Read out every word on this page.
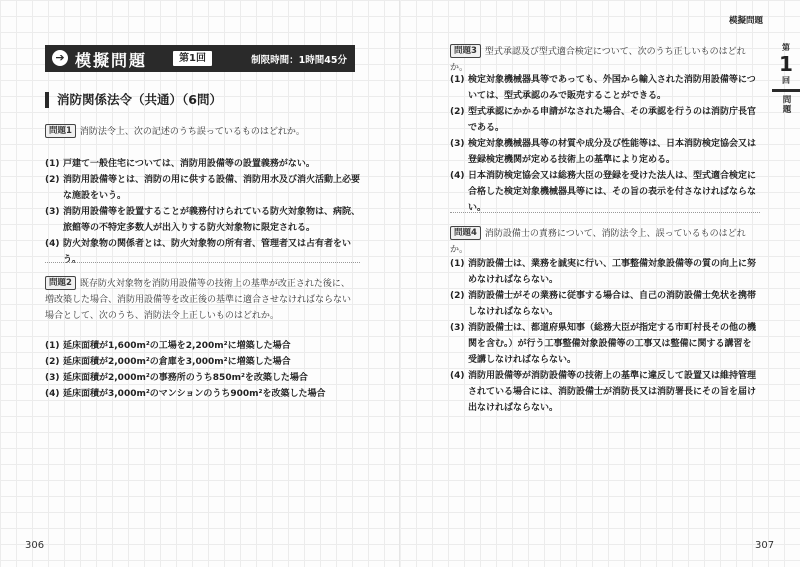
➔ 模擬問題	第1回	制限時間：1時間45分
消防関係法令（共通）（6問）
問題1 消防法令上、次の記述のうち誤っているものはどれか。
(1) 戸建て一般住宅については、消防用設備等の設置義務がない。
(2) 消防用設備等とは、消防の用に供する設備、消防用水及び消火活動上必要な施設をいう。
(3) 消防用設備等を設置することが義務付けられている防火対象物は、病院、旅館等の不特定多数人が出入りする防火対象物に限定される。
(4) 防火対象物の関係者とは、防火対象物の所有者、管理者又は占有者をいう。
問題2 既存防火対象物を消防用設備等の技術上の基準が改正された後に、増改築した場合、消防用設備等を改正後の基準に適合させなければならない場合として、次のうち、消防法令上正しいものはどれか。
(1) 延床面積が1,600m²の工場を2,200m²に増築した場合
(2) 延床面積が2,000m²の倉庫を3,000m²に増築した場合
(3) 延床面積が2,000m²の事務所のうち850m²を改築した場合
(4) 延床面積が3,000m²のマンションのうち900m²を改築した場合
306
模擬問題
第
1
回
問題
問題3 型式承認及び型式適合検定について、次のうち正しいものはどれか。
(1) 検定対象機械器具等であっても、外国から輸入された消防用設備等については、型式承認のみで販売することができる。
(2) 型式承認にかかる申請がなされた場合、その承認を行うのは消防庁長官である。
(3) 検定対象機械器具等の材質や成分及び性能等は、日本消防検定協会又は登録検定機関が定める技術上の基準により定める。
(4) 日本消防検定協会又は総務大臣の登録を受けた法人は、型式適合検定に合格した検定対象機械器具等には、その旨の表示を付さなければならない。
問題4 消防設備士の責務について、消防法令上、誤っているものはどれか。
(1) 消防設備士は、業務を誠実に行い、工事整備対象設備等の質の向上に努めなければならない。
(2) 消防設備士がその業務に従事する場合は、自己の消防設備士免状を携帯しなければならない。
(3) 消防設備士は、都道府県知事（総務大臣が指定する市町村長その他の機関を含む。）が行う工事整備対象設備等の工事又は整備に関する講習を受講しなければならない。
(4) 消防用設備等が消防設備等の技術上の基準に違反して設置又は維持管理されている場合には、消防設備士が消防長又は消防署長にその旨を届け出なければならない。
307
